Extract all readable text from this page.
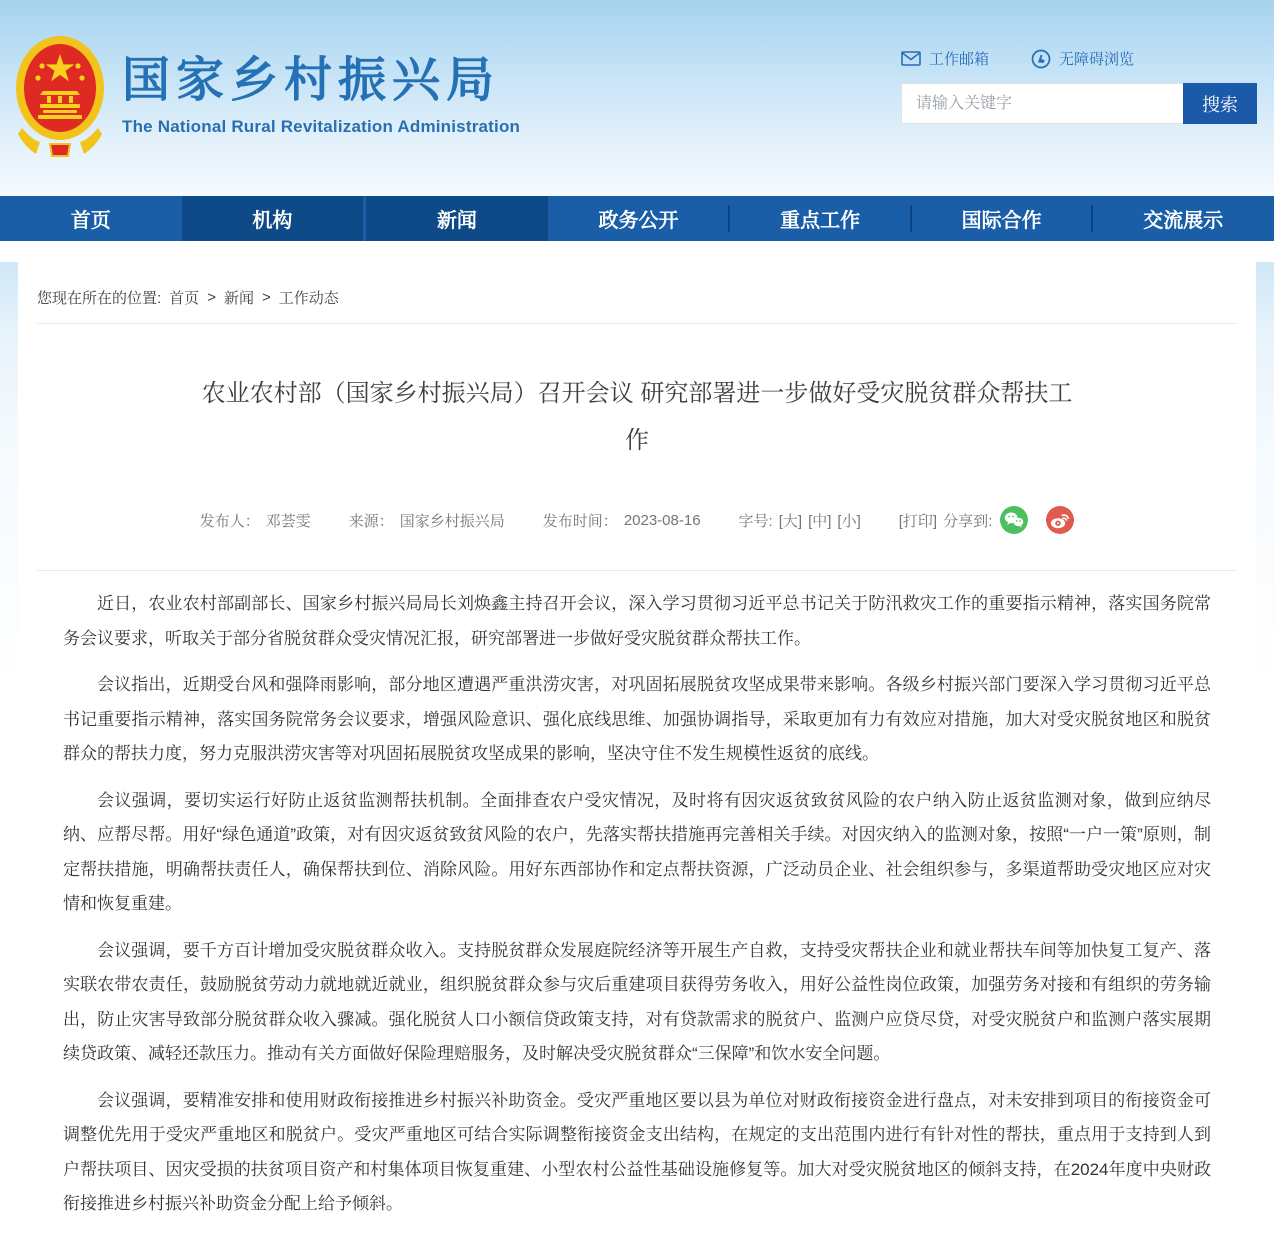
国家乡村振兴局
The National Rural Revitalization Administration
工作邮箱	无障碍浏览
请输入关键字
搜索
首页	机构	新闻	政务公开	重点工作	国际合作	交流展示
您现在所在的位置: 首页 > 新闻 > 工作动态
农业农村部（国家乡村振兴局）召开会议 研究部署进一步做好受灾脱贫群众帮扶工作
发布人： 邓荟雯	来源： 国家乡村振兴局	发布时间： 2023-08-16	字号: [大] [中] [小]	[打印] 分享到:

近日，农业农村部副部长、国家乡村振兴局局长刘焕鑫主持召开会议，深入学习贯彻习近平总书记关于防汛救灾工作的重要指示精神，落实国务院常务会议要求，听取关于部分省脱贫群众受灾情况汇报，研究部署进一步做好受灾脱贫群众帮扶工作。

会议指出，近期受台风和强降雨影响，部分地区遭遇严重洪涝灾害，对巩固拓展脱贫攻坚成果带来影响。各级乡村振兴部门要深入学习贯彻习近平总书记重要指示精神，落实国务院常务会议要求，增强风险意识、强化底线思维、加强协调指导，采取更加有力有效应对措施，加大对受灾脱贫地区和脱贫群众的帮扶力度，努力克服洪涝灾害等对巩固拓展脱贫攻坚成果的影响，坚决守住不发生规模性返贫的底线。

会议强调，要切实运行好防止返贫监测帮扶机制。全面排查农户受灾情况，及时将有因灾返贫致贫风险的农户纳入防止返贫监测对象，做到应纳尽纳、应帮尽帮。用好“绿色通道”政策，对有因灾返贫致贫风险的农户，先落实帮扶措施再完善相关手续。对因灾纳入的监测对象，按照“一户一策”原则，制定帮扶措施，明确帮扶责任人，确保帮扶到位、消除风险。用好东西部协作和定点帮扶资源，广泛动员企业、社会组织参与，多渠道帮助受灾地区应对灾情和恢复重建。

会议强调，要千方百计增加受灾脱贫群众收入。支持脱贫群众发展庭院经济等开展生产自救，支持受灾帮扶企业和就业帮扶车间等加快复工复产、落实联农带农责任，鼓励脱贫劳动力就地就近就业，组织脱贫群众参与灾后重建项目获得劳务收入，用好公益性岗位政策，加强劳务对接和有组织的劳务输出，防止灾害导致部分脱贫群众收入骤减。强化脱贫人口小额信贷政策支持，对有贷款需求的脱贫户、监测户应贷尽贷，对受灾脱贫户和监测户落实展期续贷政策、减轻还款压力。推动有关方面做好保险理赔服务，及时解决受灾脱贫群众“三保障”和饮水安全问题。

会议强调，要精准安排和使用财政衔接推进乡村振兴补助资金。受灾严重地区要以县为单位对财政衔接资金进行盘点，对未安排到项目的衔接资金可调整优先用于受灾严重地区和脱贫户。受灾严重地区可结合实际调整衔接资金支出结构，在规定的支出范围内进行有针对性的帮扶，重点用于支持到人到户帮扶项目、因灾受损的扶贫项目资产和村集体项目恢复重建、小型农村公益性基础设施修复等。加大对受灾脱贫地区的倾斜支持，在2024年度中央财政衔接推进乡村振兴补助资金分配上给予倾斜。
